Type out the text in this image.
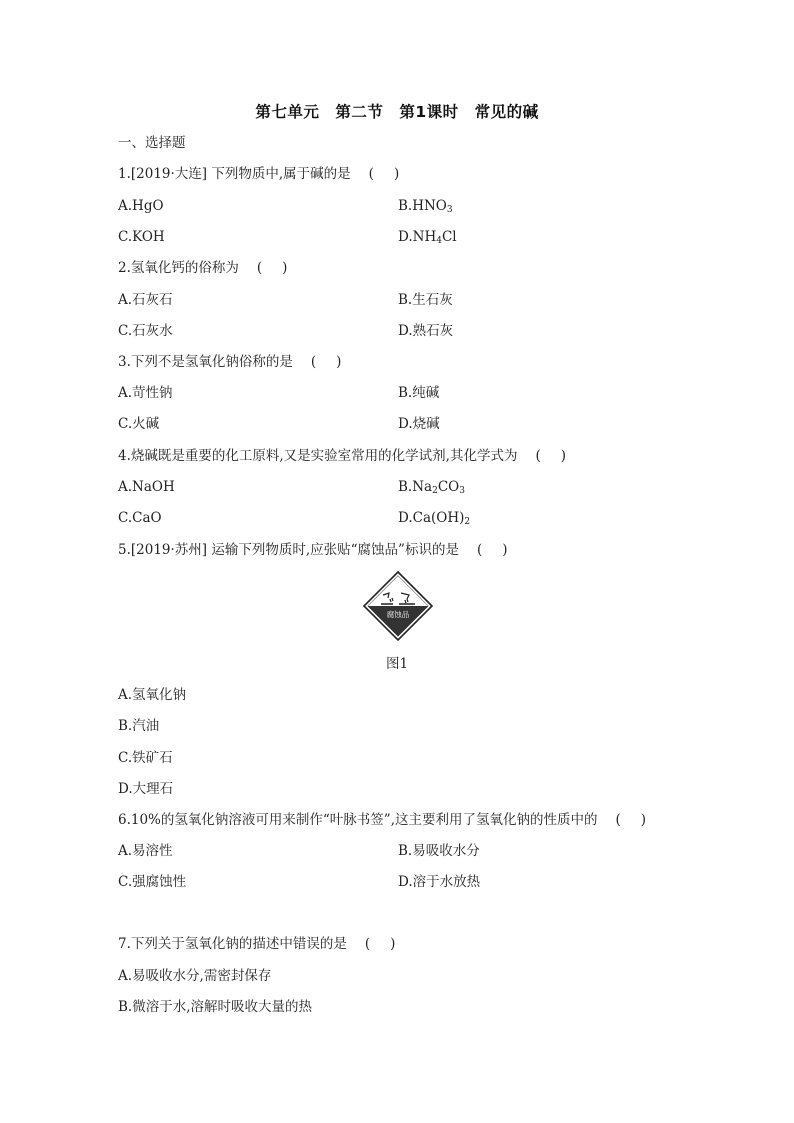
第七单元　第二节　第1课时　常见的碱
一、选择题
1.[2019·大连] 下列物质中,属于碱的是 ( )
A.HgO	$B.HNO_3$
C.KOH	$D.NH_4Cl$
2.氢氧化钙的俗称为 ( )
A.石灰石	B.生石灰
C.石灰水	D.熟石灰
3.下列不是氢氧化钠俗称的是 ( )
A.苛性钠	B.纯碱
C.火碱	D.烧碱
4.烧碱既是重要的化工原料,又是实验室常用的化学试剂,其化学式为 ( )
A.NaOH	$B.Na_2CO_3$
C.CaO	$D.Ca(OH)_2$
5.[2019·苏州] 运输下列物质时,应张贴“腐蚀品”标识的是 ( )
腐蚀品
图1
A.氢氧化钠
B.汽油
C.铁矿石
D.大理石
6.10%的氢氧化钠溶液可用来制作“叶脉书签”,这主要利用了氢氧化钠的性质中的 ( )
A.易溶性	B.易吸收水分
C.强腐蚀性	D.溶于水放热
7.下列关于氢氧化钠的描述中错误的是 ( )
A.易吸收水分,需密封保存
B.微溶于水,溶解时吸收大量的热
